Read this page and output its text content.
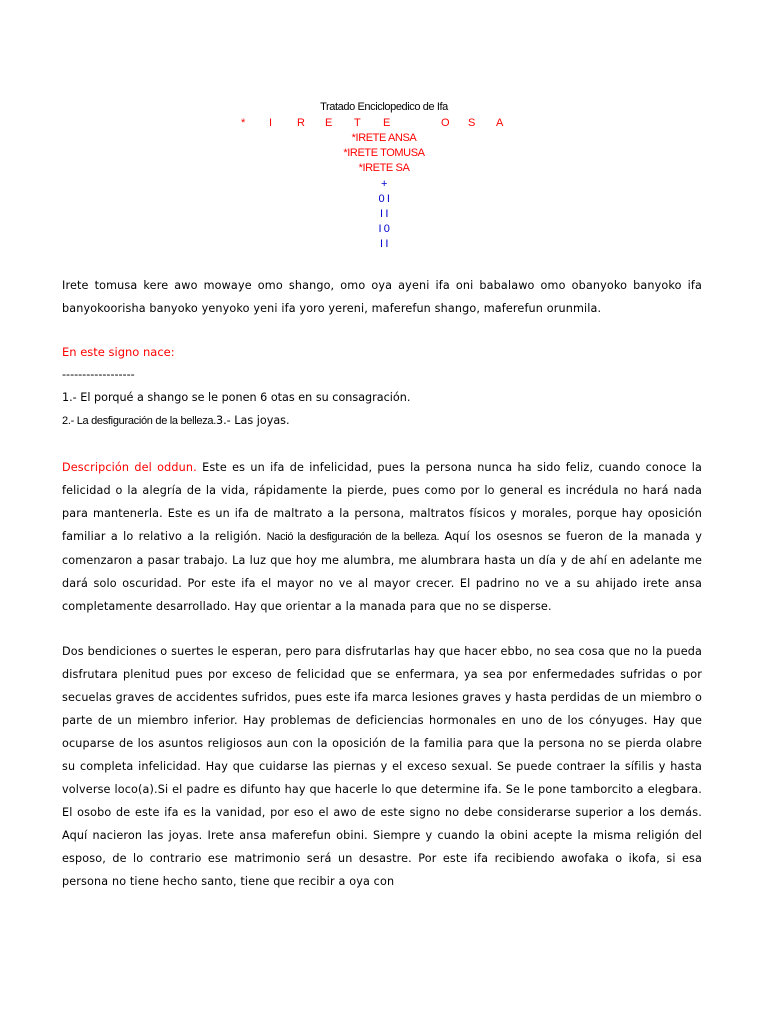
Tratado Enciclopedico de Ifa
* I R E T E	O S A
*IRETE ANSA
*IRETE TOMUSA
*IRETE SA
+
0 I
I I
I 0
I I
Irete tomusa kere awo mowaye omo shango, omo oya ayeni ifa oni babalawo omo obanyoko banyoko ifa banyokoorisha banyoko yenyoko yeni ifa yoro yereni, maferefun shango, maferefun orunmila.
En este signo nace:
------------------
1.- El porqué a shango se le ponen 6 otas en su consagración.
2.- La desfiguración de la belleza.3.- Las joyas.
Descripción del oddun. Este es un ifa de infelicidad, pues la persona nunca ha sido feliz, cuando conoce la felicidad o la alegría de la vida, rápidamente la pierde, pues como por lo general es incrédula no hará nada para mantenerla. Este es un ifa de maltrato a la persona, maltratos físicos y morales, porque hay oposición familiar a lo relativo a la religión. Nació la desfiguración de la belleza. Aquí los osesnos se fueron de la manada y comenzaron a pasar trabajo. La luz que hoy me alumbra, me alumbrara hasta un día y de ahí en adelante me dará solo oscuridad. Por este ifa el mayor no ve al mayor crecer. El padrino no ve a su ahijado irete ansa completamente desarrollado. Hay que orientar a la manada para que no se disperse.
Dos bendiciones o suertes le esperan, pero para disfrutarlas hay que hacer ebbo, no sea cosa que no la pueda disfrutara plenitud pues por exceso de felicidad que se enfermara, ya sea por enfermedades sufridas o por secuelas graves de accidentes sufridos, pues este ifa marca lesiones graves y hasta perdidas de un miembro o parte de un miembro inferior. Hay problemas de deficiencias hormonales en uno de los cónyuges. Hay que ocuparse de los asuntos religiosos aun con la oposición de la familia para que la persona no se pierda olabre su completa infelicidad. Hay que cuidarse las piernas y el exceso sexual. Se puede contraer la sífilis y hasta volverse loco(a).Si el padre es difunto hay que hacerle lo que determine ifa. Se le pone tamborcito a elegbara. El osobo de este ifa es la vanidad, por eso el awo de este signo no debe considerarse superior a los demás. Aquí nacieron las joyas. Irete ansa maferefun obini. Siempre y cuando la obini acepte la misma religión del esposo, de lo contrario ese matrimonio será un desastre. Por este ifa recibiendo awofaka o ikofa, si esa persona no tiene hecho santo, tiene que recibir a oya con
